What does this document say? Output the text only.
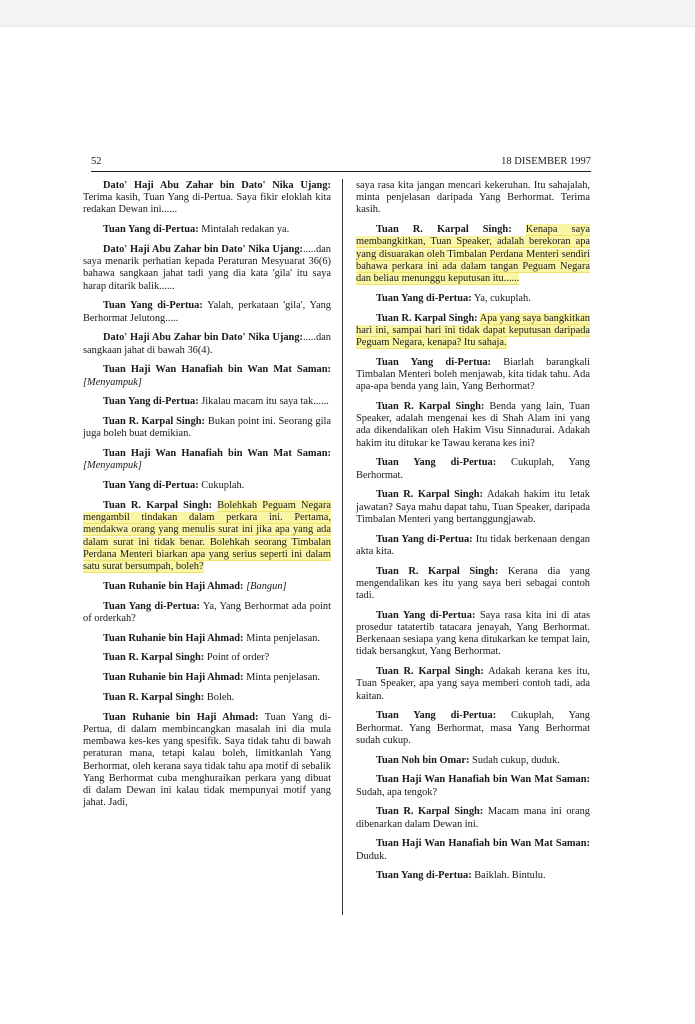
52	18 DISEMBER 1997

Dato' Haji Abu Zahar bin Dato' Nika Ujang: Terima kasih, Tuan Yang di-Pertua. Saya fikir eloklah kita redakan Dewan ini......

Tuan Yang di-Pertua: Mintalah redakan ya.

Dato' Haji Abu Zahar bin Dato' Nika Ujang:.....dan saya menarik perhatian kepada Peraturan Mesyuarat 36(6) bahawa sangkaan jahat tadi yang dia kata 'gila' itu saya harap ditarik balik......

Tuan Yang di-Pertua: Yalah, perkataan 'gila', Yang Berhormat Jelutong.....

Dato' Haji Abu Zahar bin Dato' Nika Ujang:.....dan sangkaan jahat di bawah 36(4).

Tuan Haji Wan Hanafiah bin Wan Mat Saman: [Menyampuk]

Tuan Yang di-Pertua: Jikalau macam itu saya tak......

Tuan R. Karpal Singh: Bukan point ini. Seorang gila juga boleh buat demikian.

Tuan Haji Wan Hanafiah bin Wan Mat Saman: [Menyampuk]

Tuan Yang di-Pertua: Cukuplah.

Tuan R. Karpal Singh: Bolehkah Peguam Negara mengambil tindakan dalam perkara ini. Pertama, mendakwa orang yang menulis surat ini jika apa yang ada dalam surat ini tidak benar. Bolehkah seorang Timbalan Perdana Menteri biarkan apa yang serius seperti ini dalam satu surat bersumpah, boleh?

Tuan Ruhanie bin Haji Ahmad: [Bangun]

Tuan Yang di-Pertua: Ya, Yang Berhormat ada point of orderkah?

Tuan Ruhanie bin Haji Ahmad: Minta penjelasan.

Tuan R. Karpal Singh: Point of order?

Tuan Ruhanie bin Haji Ahmad: Minta penjelasan.

Tuan R. Karpal Singh: Boleh.

Tuan Ruhanie bin Haji Ahmad: Tuan Yang di-Pertua, di dalam membincangkan masalah ini dia mula membawa kes-kes yang spesifik. Saya tidak tahu di bawah peraturan mana, tetapi kalau boleh, limitkanlah Yang Berhormat, oleh kerana saya tidak tahu apa motif di sebalik Yang Berhormat cuba menghuraikan perkara yang dibuat di dalam Dewan ini kalau tidak mempunyai motif yang jahat. Jadi,

saya rasa kita jangan mencari kekeruhan. Itu sahajalah, minta penjelasan daripada Yang Berhormat. Terima kasih.

Tuan R. Karpal Singh: Kenapa saya membangkitkan, Tuan Speaker, adalah berekoran apa yang disuarakan oleh Timbalan Perdana Menteri sendiri bahawa perkara ini ada dalam tangan Peguam Negara dan beliau menunggu keputusan itu......

Tuan Yang di-Pertua: Ya, cukuplah.

Tuan R. Karpal Singh: Apa yang saya bangkitkan hari ini, sampai hari ini tidak dapat keputusan daripada Peguam Negara, kenapa? Itu sahaja.

Tuan Yang di-Pertua: Biarlah barangkali Timbalan Menteri boleh menjawab, kita tidak tahu. Ada apa-apa benda yang lain, Yang Berhormat?

Tuan R. Karpal Singh: Benda yang lain, Tuan Speaker, adalah mengenai kes di Shah Alam ini yang ada dikendalikan oleh Hakim Visu Sinnadurai. Adakah hakim itu ditukar ke Tawau kerana kes ini?

Tuan Yang di-Pertua: Cukuplah, Yang Berhormat.

Tuan R. Karpal Singh: Adakah hakim itu letak jawatan? Saya mahu dapat tahu, Tuan Speaker, daripada Timbalan Menteri yang bertanggungjawab.

Tuan Yang di-Pertua: Itu tidak berkenaan dengan akta kita.

Tuan R. Karpal Singh: Kerana dia yang mengendalikan kes itu yang saya beri sebagai contoh tadi.

Tuan Yang di-Pertua: Saya rasa kita ini di atas prosedur tatatertib tatacara jenayah, Yang Berhormat. Berkenaan sesiapa yang kena ditukarkan ke tempat lain, tidak bersangkut, Yang Berhormat.

Tuan R. Karpal Singh: Adakah kerana kes itu, Tuan Speaker, apa yang saya memberi contoh tadi, ada kaitan.

Tuan Yang di-Pertua: Cukuplah, Yang Berhormat. Yang Berhormat, masa Yang Berhormat sudah cukup.

Tuan Noh bin Omar: Sudah cukup, duduk.

Tuan Haji Wan Hanafiah bin Wan Mat Saman: Sudah, apa tengok?

Tuan R. Karpal Singh: Macam mana ini orang dibenarkan dalam Dewan ini.

Tuan Haji Wan Hanafiah bin Wan Mat Saman: Duduk.

Tuan Yang di-Pertua: Baiklah. Bintulu.
